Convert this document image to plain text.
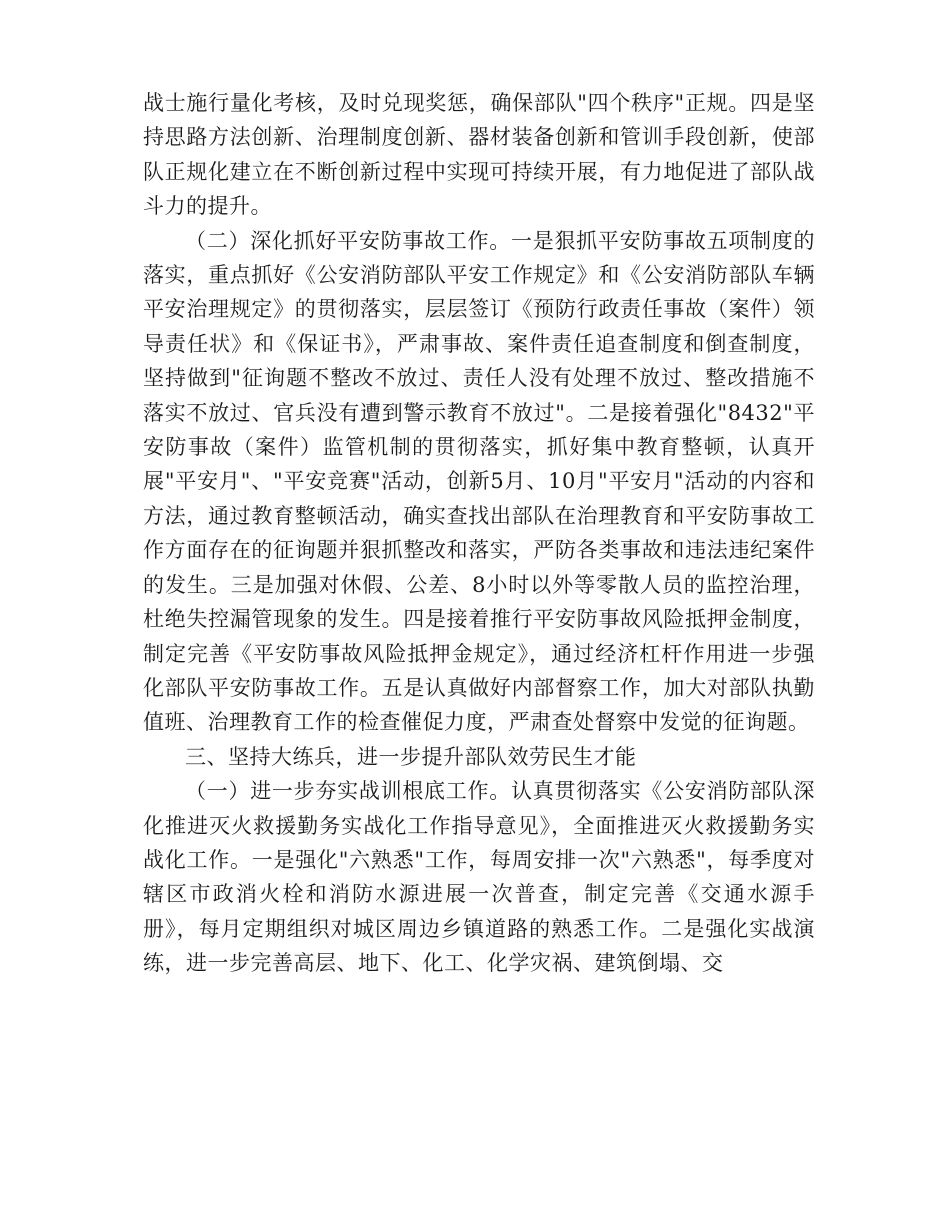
战士施行量化考核，及时兑现奖惩，确保部队"四个秩序"正规。四是坚持思路方法创新、治理制度创新、器材装备创新和管训手段创新，使部队正规化建立在不断创新过程中实现可持续开展，有力地促进了部队战斗力的提升。

（二）深化抓好平安防事故工作。一是狠抓平安防事故五项制度的落实，重点抓好《公安消防部队平安工作规定》和《公安消防部队车辆平安治理规定》的贯彻落实，层层签订《预防行政责任事故（案件）领导责任状》和《保证书》，严肃事故、案件责任追查制度和倒查制度，坚持做到"征询题不整改不放过、责任人没有处理不放过、整改措施不落实不放过、官兵没有遭到警示教育不放过"。二是接着强化"8432"平安防事故（案件）监管机制的贯彻落实，抓好集中教育整顿，认真开展"平安月"、"平安竞赛"活动，创新5月、10月"平安月"活动的内容和方法，通过教育整顿活动，确实查找出部队在治理教育和平安防事故工作方面存在的征询题并狠抓整改和落实，严防各类事故和违法违纪案件的发生。三是加强对休假、公差、8小时以外等零散人员的监控治理，杜绝失控漏管现象的发生。四是接着推行平安防事故风险抵押金制度，制定完善《平安防事故风险抵押金规定》，通过经济杠杆作用进一步强化部队平安防事故工作。五是认真做好内部督察工作，加大对部队执勤值班、治理教育工作的检查催促力度，严肃查处督察中发觉的征询题。

三、坚持大练兵，进一步提升部队效劳民生才能

（一）进一步夯实战训根底工作。认真贯彻落实《公安消防部队深化推进灭火救援勤务实战化工作指导意见》，全面推进灭火救援勤务实战化工作。一是强化"六熟悉"工作，每周安排一次"六熟悉"，每季度对辖区市政消火栓和消防水源进展一次普查，制定完善《交通水源手册》，每月定期组织对城区周边乡镇道路的熟悉工作。二是强化实战演练，进一步完善高层、地下、化工、化学灾祸、建筑倒塌、交
